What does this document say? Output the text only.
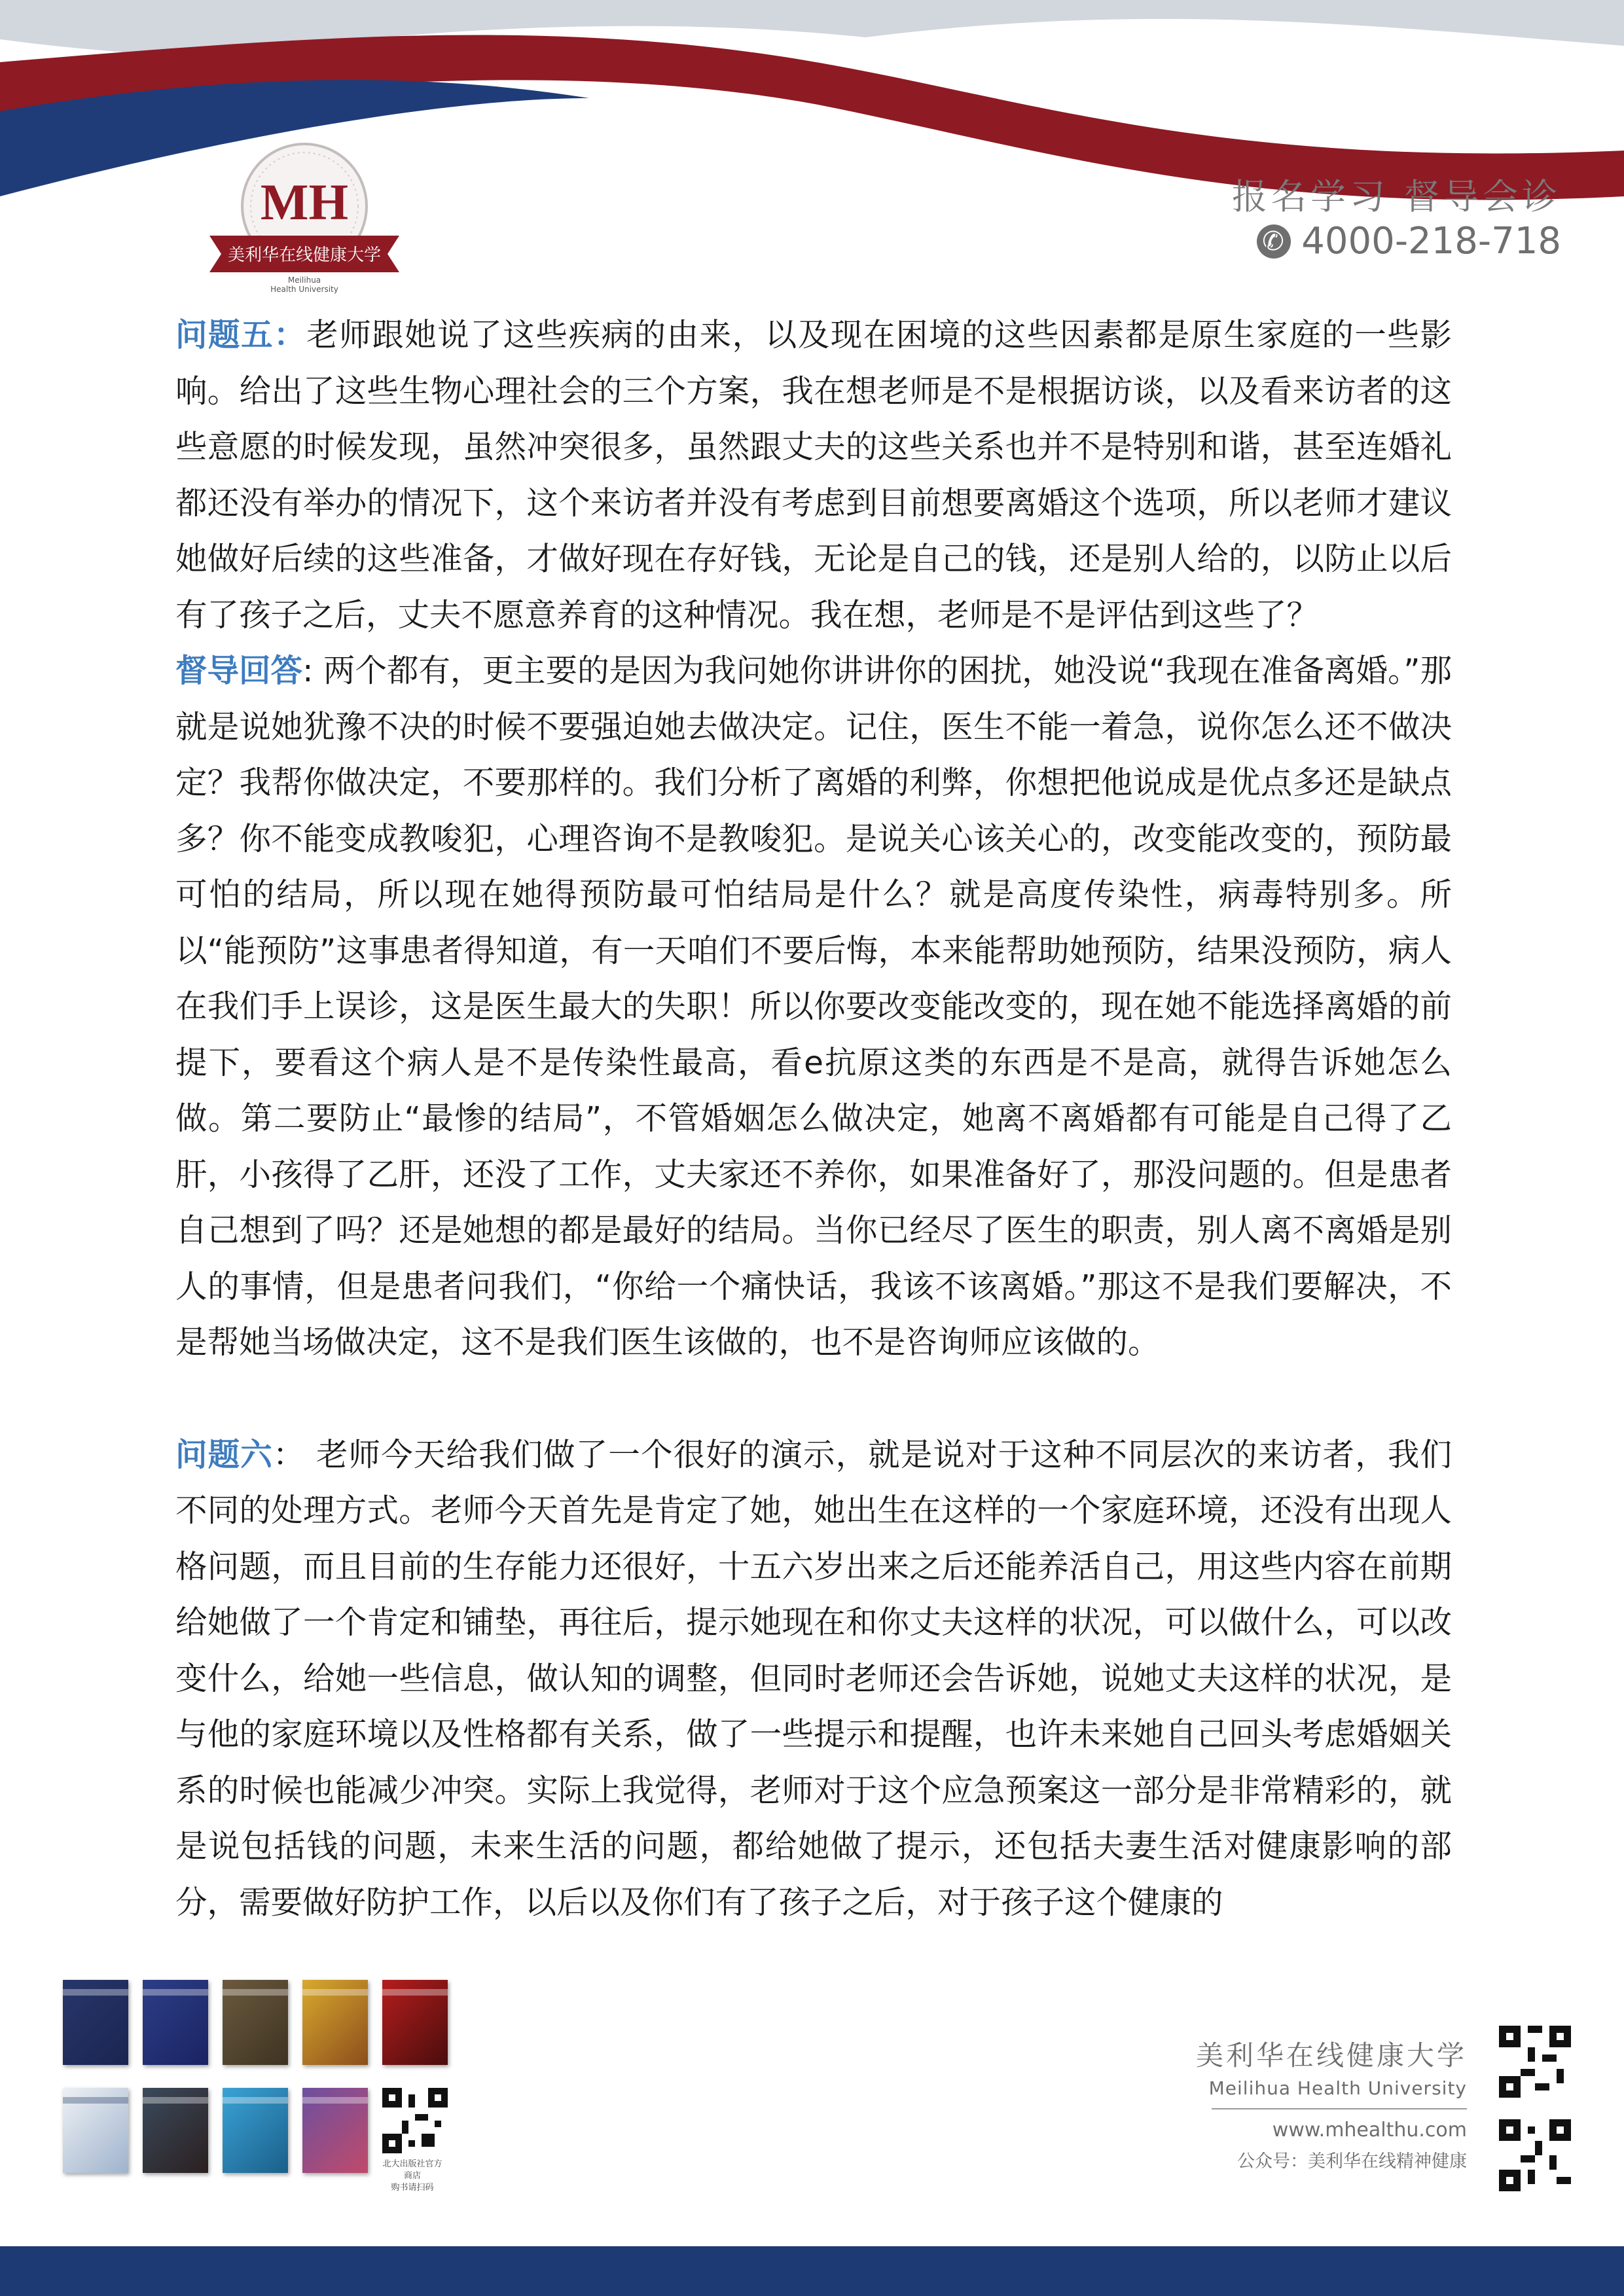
MH
美利华在线健康大学
Meilihua
Health University
报名学习 督导会诊
✆
4000-218-718

问题五：老师跟她说了这些疾病的由来，以及现在困境的这些因素都是原生家庭的一些影响。给出了这些生物心理社会的三个方案，我在想老师是不是根据访谈，以及看来访者的这些意愿的时候发现，虽然冲突很多，虽然跟丈夫的这些关系也并不是特别和谐，甚至连婚礼都还没有举办的情况下，这个来访者并没有考虑到目前想要离婚这个选项，所以老师才建议她做好后续的这些准备，才做好现在存好钱，无论是自己的钱，还是别人给的，以防止以后有了孩子之后，丈夫不愿意养育的这种情况。我在想，老师是不是评估到这些了？

督导回答: 两个都有，更主要的是因为我问她你讲讲你的困扰，她没说“我现在准备离婚。”那就是说她犹豫不决的时候不要强迫她去做决定。记住，医生不能一着急，说你怎么还不做决定？我帮你做决定，不要那样的。我们分析了离婚的利弊，你想把他说成是优点多还是缺点多？你不能变成教唆犯，心理咨询不是教唆犯。是说关心该关心的，改变能改变的，预防最可怕的结局，所以现在她得预防最可怕结局是什么？就是高度传染性，病毒特别多。所以“能预防”这事患者得知道，有一天咱们不要后悔，本来能帮助她预防，结果没预防，病人在我们手上误诊，这是医生最大的失职！所以你要改变能改变的，现在她不能选择离婚的前提下，要看这个病人是不是传染性最高，看e抗原这类的东西是不是高，就得告诉她怎么做。第二要防止“最惨的结局”，不管婚姻怎么做决定，她离不离婚都有可能是自己得了乙肝，小孩得了乙肝，还没了工作，丈夫家还不养你，如果准备好了，那没问题的。但是患者自己想到了吗？还是她想的都是最好的结局。当你已经尽了医生的职责，别人离不离婚是别人的事情，但是患者问我们，“你给一个痛快话，我该不该离婚。”那这不是我们要解决，不是帮她当场做决定，这不是我们医生该做的，也不是咨询师应该做的。

问题六： 老师今天给我们做了一个很好的演示，就是说对于这种不同层次的来访者，我们不同的处理方式。老师今天首先是肯定了她，她出生在这样的一个家庭环境，还没有出现人格问题，而且目前的生存能力还很好，十五六岁出来之后还能养活自己，用这些内容在前期给她做了一个肯定和铺垫，再往后，提示她现在和你丈夫这样的状况，可以做什么，可以改变什么，给她一些信息，做认知的调整，但同时老师还会告诉她，说她丈夫这样的状况，是与他的家庭环境以及性格都有关系，做了一些提示和提醒，也许未来她自己回头考虑婚姻关系的时候也能减少冲突。实际上我觉得，老师对于这个应急预案这一部分是非常精彩的，就是说包括钱的问题，未来生活的问题，都给她做了提示，还包括夫妻生活对健康影响的部分，需要做好防护工作，以后以及你们有了孩子之后，对于孩子这个健康的

北大出版社官方商店
购书请扫码
美利华在线健康大学
Meilihua Health University
www.mhealthu.com
公众号：美利华在线精神健康
